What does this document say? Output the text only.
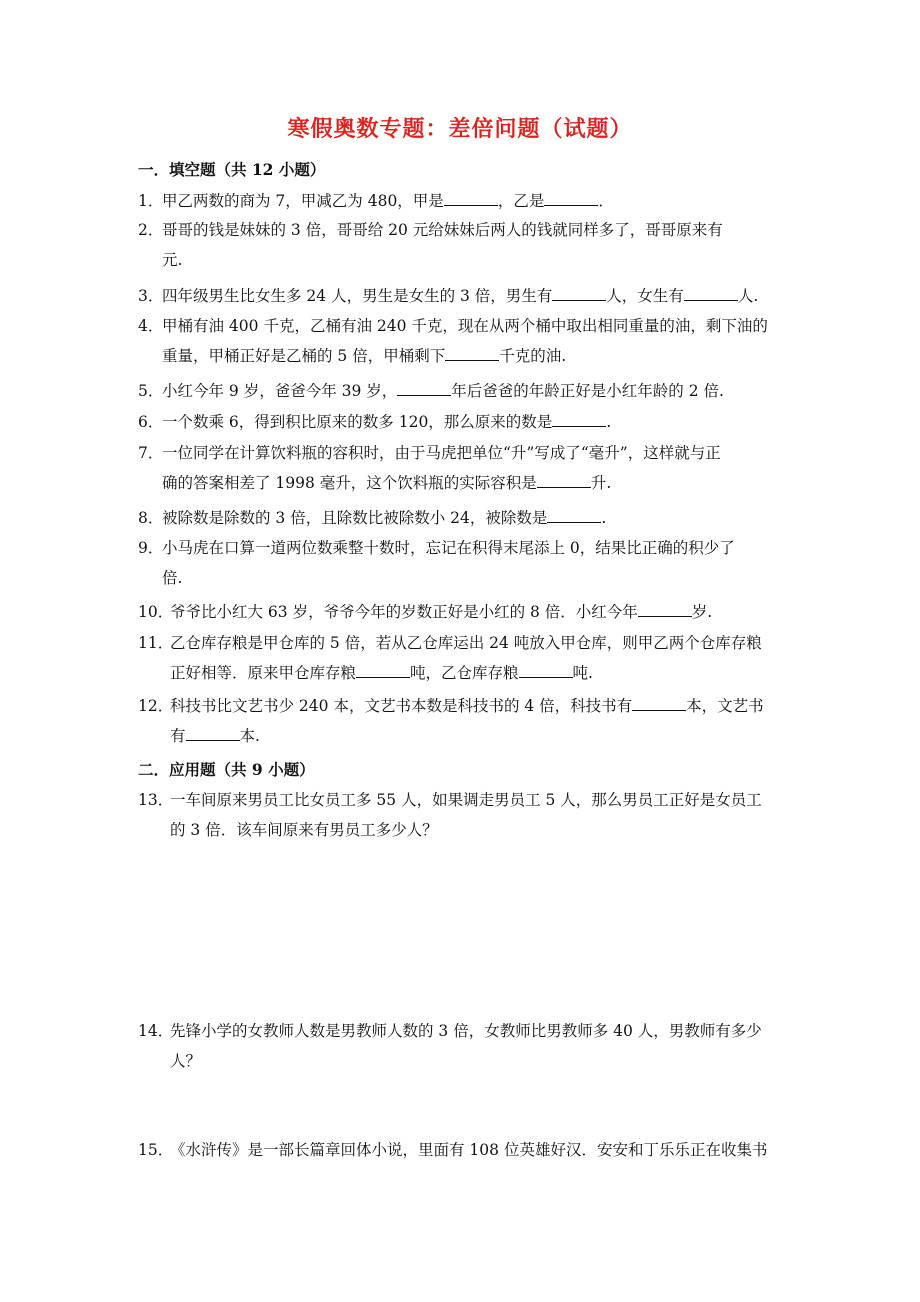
寒假奥数专题：差倍问题（试题）
一．填空题（共 12 小题）
1．甲乙两数的商为 7，甲减乙为 480，甲是	，乙是	．
2．哥哥的钱是妹妹的 3 倍，哥哥给 20 元给妹妹后两人的钱就同样多了，哥哥原来有
元.
3．四年级男生比女生多 24 人，男生是女生的 3 倍，男生有	人，女生有	人.
4．甲桶有油 400 千克，乙桶有油 240 千克，现在从两个桶中取出相同重量的油，剩下油的
重量，甲桶正好是乙桶的 5 倍，甲桶剩下	千克的油.
5．小红今年 9 岁，爸爸今年 39 岁，	年后爸爸的年龄正好是小红年龄的 2 倍.
6．一个数乘 6，得到积比原来的数多 120，那么原来的数是	.
7．一位同学在计算饮料瓶的容积时，由于马虎把单位“升”写成了“毫升”，这样就与正
确的答案相差了 1998 毫升，这个饮料瓶的实际容积是	升.
8．被除数是除数的 3 倍，且除数比被除数小 24，被除数是	.
9．小马虎在口算一道两位数乘整十数时，忘记在积得末尾添上 0，结果比正确的积少了
倍.
10．爷爷比小红大 63 岁，爷爷今年的岁数正好是小红的 8 倍．小红今年	岁.
11．乙仓库存粮是甲仓库的 5 倍，若从乙仓库运出 24 吨放入甲仓库，则甲乙两个仓库存粮
正好相等．原来甲仓库存粮	吨，乙仓库存粮	吨.
12．科技书比文艺书少 240 本，文艺书本数是科技书的 4 倍，科技书有	本，文艺书
有	本.
二．应用题（共 9 小题）
13．一车间原来男员工比女员工多 55 人，如果调走男员工 5 人，那么男员工正好是女员工
的 3 倍．该车间原来有男员工多少人？
14．先锋小学的女教师人数是男教师人数的 3 倍，女教师比男教师多 40 人，男教师有多少
人？
15．《水浒传》是一部长篇章回体小说，里面有 108 位英雄好汉．安安和丁乐乐正在收集书
